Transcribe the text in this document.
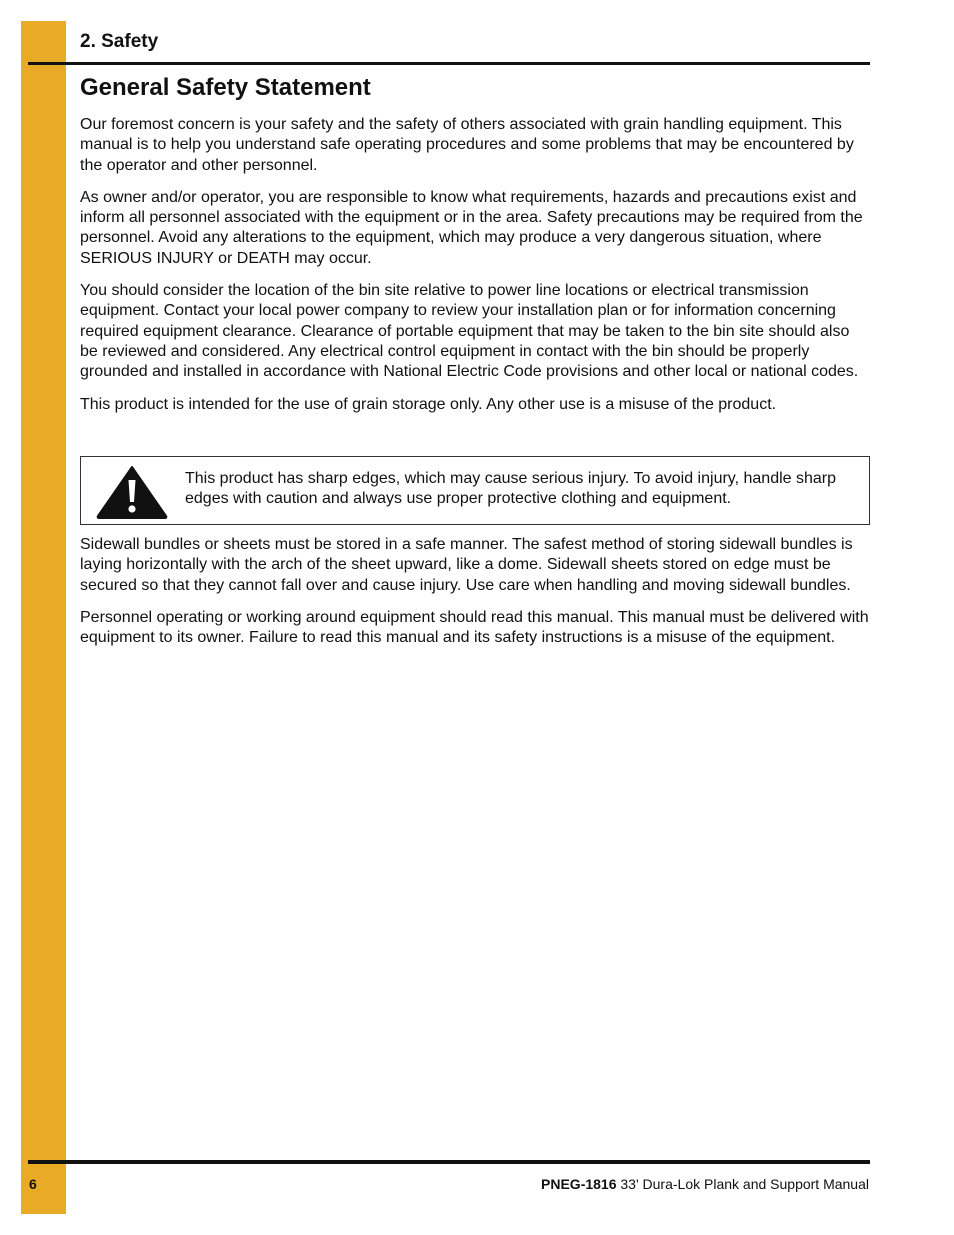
2. Safety
General Safety Statement

Our foremost concern is your safety and the safety of others associated with grain handling equipment. This manual is to help you understand safe operating procedures and some problems that may be encountered by the operator and other personnel.

As owner and/or operator, you are responsible to know what requirements, hazards and precautions exist and inform all personnel associated with the equipment or in the area. Safety precautions may be required from the personnel. Avoid any alterations to the equipment, which may produce a very dangerous situation, where SERIOUS INJURY or DEATH may occur.

You should consider the location of the bin site relative to power line locations or electrical transmission equipment. Contact your local power company to review your installation plan or for information concerning required equipment clearance. Clearance of portable equipment that may be taken to the bin site should also be reviewed and considered. Any electrical control equipment in contact with the bin should be properly grounded and installed in accordance with National Electric Code provisions and other local or national codes.

This product is intended for the use of grain storage only. Any other use is a misuse of the product.

This product has sharp edges, which may cause serious injury. To avoid injury, handle sharp edges with caution and always use proper protective clothing and equipment.

Sidewall bundles or sheets must be stored in a safe manner. The safest method of storing sidewall bundles is laying horizontally with the arch of the sheet upward, like a dome. Sidewall sheets stored on edge must be secured so that they cannot fall over and cause injury. Use care when handling and moving sidewall bundles.

Personnel operating or working around equipment should read this manual. This manual must be delivered with equipment to its owner. Failure to read this manual and its safety instructions is a misuse of the equipment.

6	PNEG-1816 33' Dura-Lok Plank and Support Manual
